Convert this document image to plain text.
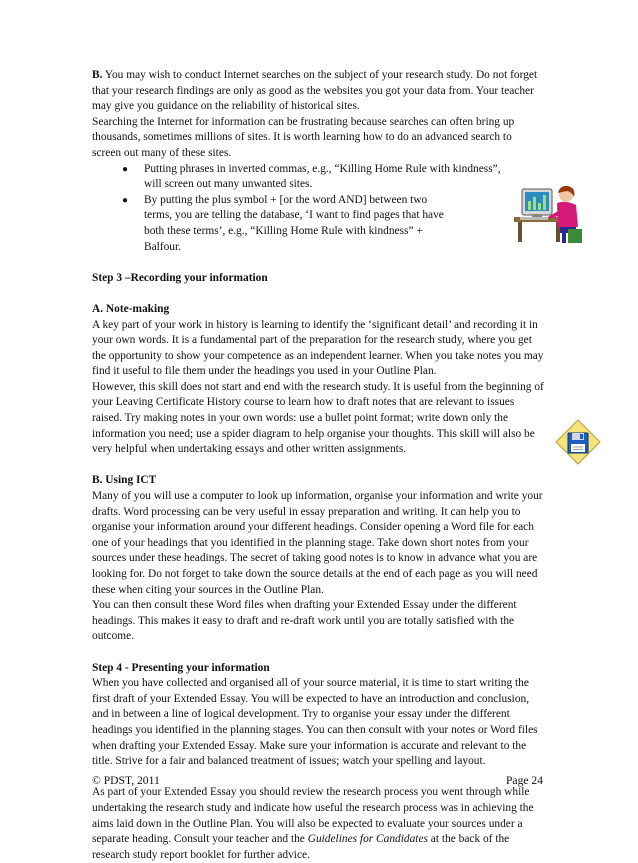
B. You may wish to conduct Internet searches on the subject of your research study. Do not forget that your research findings are only as good as the websites you got your data from. Your teacher may give you guidance on the reliability of historical sites.

Searching the Internet for information can be frustrating because searches can often bring up thousands, sometimes millions of sites. It is worth learning how to do an advanced search to screen out many of these sites.

● Putting phrases in inverted commas, e.g., “Killing Home Rule with kindness”, will screen out many unwanted sites.
● By putting the plus symbol + [or the word AND] between two terms, you are telling the database, ‘I want to find pages that have both these terms’, e.g., “Killing Home Rule with kindness” + Balfour.

Step 3 –Recording your information

A. Note-making

A key part of your work in history is learning to identify the ‘significant detail’ and recording it in your own words. It is a fundamental part of the preparation for the research study, where you get the opportunity to show your competence as an independent learner. When you take notes you may find it useful to file them under the headings you used in your Outline Plan.

However, this skill does not start and end with the research study. It is useful from the beginning of your Leaving Certificate History course to learn how to draft notes that are relevant to issues raised. Try making notes in your own words: use a bullet point format; write down only the information you need; use a spider diagram to help organise your thoughts. This skill will also be very helpful when undertaking essays and other written assignments.

B. Using ICT

Many of you will use a computer to look up information, organise your information and write your drafts. Word processing can be very useful in essay preparation and writing. It can help you to organise your information around your different headings. Consider opening a Word file for each one of your headings that you identified in the planning stage. Take down short notes from your sources under these headings. The secret of taking good notes is to know in advance what you are looking for. Do not forget to take down the source details at the end of each page as you will need these when citing your sources in the Outline Plan.

You can then consult these Word files when drafting your Extended Essay under the different headings. This makes it easy to draft and re-draft work until you are totally satisfied with the outcome.

Step 4 - Presenting your information

When you have collected and organised all of your source material, it is time to start writing the first draft of your Extended Essay. You will be expected to have an introduction and conclusion, and in between a line of logical development. Try to organise your essay under the different headings you identified in the planning stages. You can then consult with your notes or Word files when drafting your Extended Essay. Make sure your information is accurate and relevant to the title. Strive for a fair and balanced treatment of issues; watch your spelling and layout.

As part of your Extended Essay you should review the research process you went through while undertaking the research study and indicate how useful the research process was in achieving the aims laid down in the Outline Plan. You will also be expected to evaluate your sources under a separate heading. Consult your teacher and the Guidelines for Candidates at the back of the research study report booklet for further advice.

© PDST, 2011	Page 24
